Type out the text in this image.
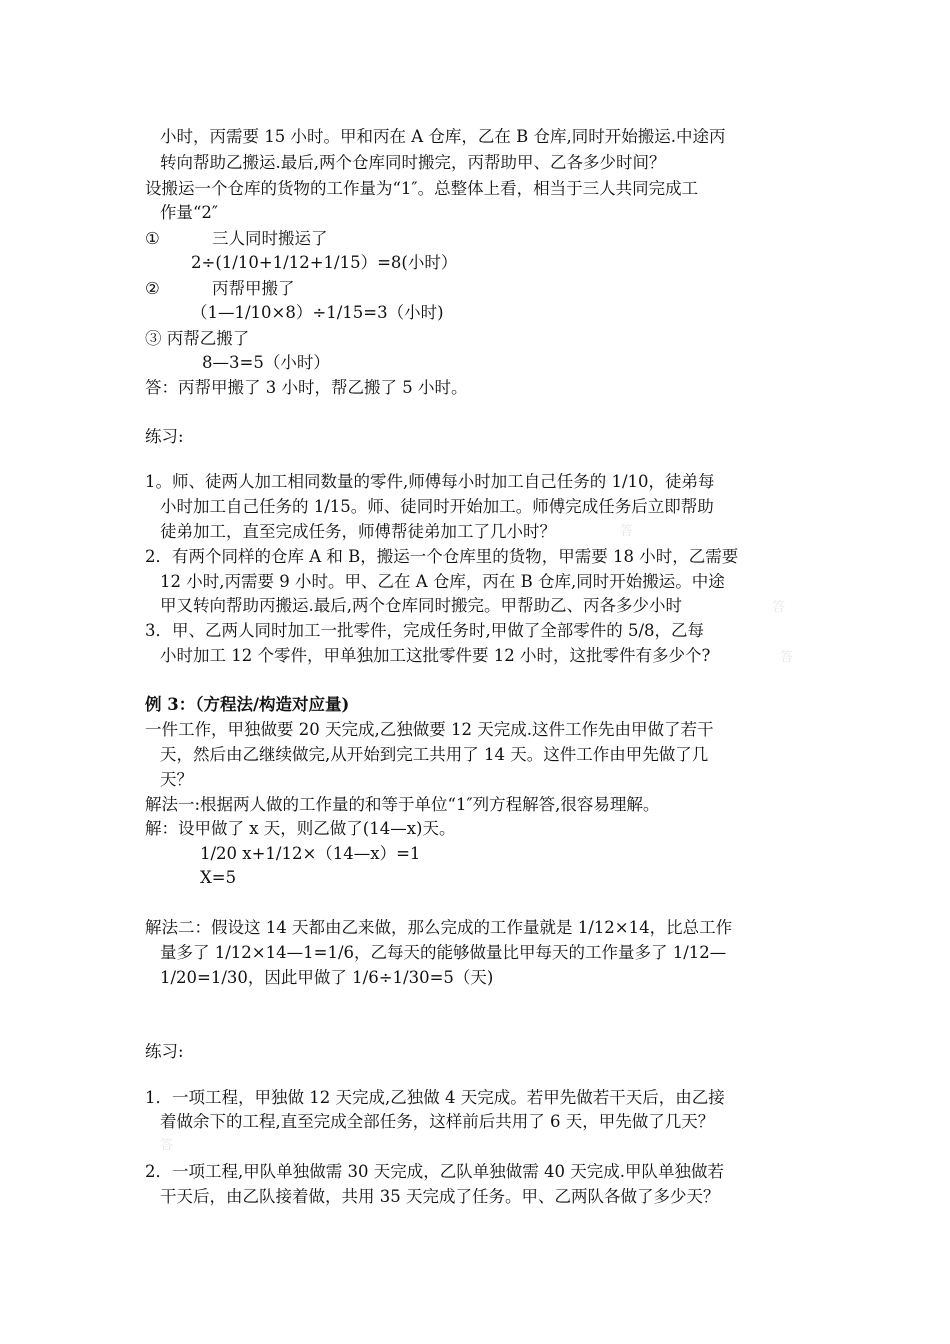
小时，丙需要 15 小时。甲和丙在 A 仓库，乙在 B 仓库,同时开始搬运.中途丙
转向帮助乙搬运.最后,两个仓库同时搬完，丙帮助甲、乙各多少时间？
设搬运一个仓库的货物的工作量为“1″。总整体上看，相当于三人共同完成工
作量“2″
①	三人同时搬运了
2÷(1/10+1/12+1/15）=8(小时）
②	丙帮甲搬了
（1—1/10×8）÷1/15=3（小时)
③ 丙帮乙搬了
8—3=5（小时）
答：丙帮甲搬了 3 小时，帮乙搬了 5 小时。
练习:
1。师、徒两人加工相同数量的零件,师傅每小时加工自己任务的 1/10，徒弟每
小时加工自己任务的 1/15。师、徒同时开始加工。师傅完成任务后立即帮助
徒弟加工，直至完成任务，师傅帮徒弟加工了几小时？	答
2．有两个同样的仓库 A 和 B，搬运一个仓库里的货物，甲需要 18 小时，乙需要
12 小时,丙需要 9 小时。甲、乙在 A 仓库，丙在 B 仓库,同时开始搬运。中途
甲又转向帮助丙搬运.最后,两个仓库同时搬完。甲帮助乙、丙各多少小时	答
3．甲、乙两人同时加工一批零件，完成任务时,甲做了全部零件的 5/8，乙每
小时加工 12 个零件，甲单独加工这批零件要 12 小时，这批零件有多少个?	答
例 3：（方程法/构造对应量)
一件工作，甲独做要 20 天完成,乙独做要 12 天完成.这件工作先由甲做了若干
天，然后由乙继续做完,从开始到完工共用了 14 天。这件工作由甲先做了几
天？
解法一:根据两人做的工作量的和等于单位“1″列方程解答,很容易理解。
解：设甲做了 x 天，则乙做了(14—x)天。
1/20 x+1/12×（14—x）=1
X=5
解法二：假设这 14 天都由乙来做，那么完成的工作量就是 1/12×14，比总工作
量多了 1/12×14—1=1/6，乙每天的能够做量比甲每天的工作量多了 1/12—
1/20=1/30，因此甲做了 1/6÷1/30=5（天)
练习:
1．一项工程，甲独做 12 天完成,乙独做 4 天完成。若甲先做若干天后，由乙接
着做余下的工程,直至完成全部任务，这样前后共用了 6 天，甲先做了几天？
答
2．一项工程,甲队单独做需 30 天完成，乙队单独做需 40 天完成.甲队单独做若
干天后，由乙队接着做，共用 35 天完成了任务。甲、乙两队各做了多少天？
